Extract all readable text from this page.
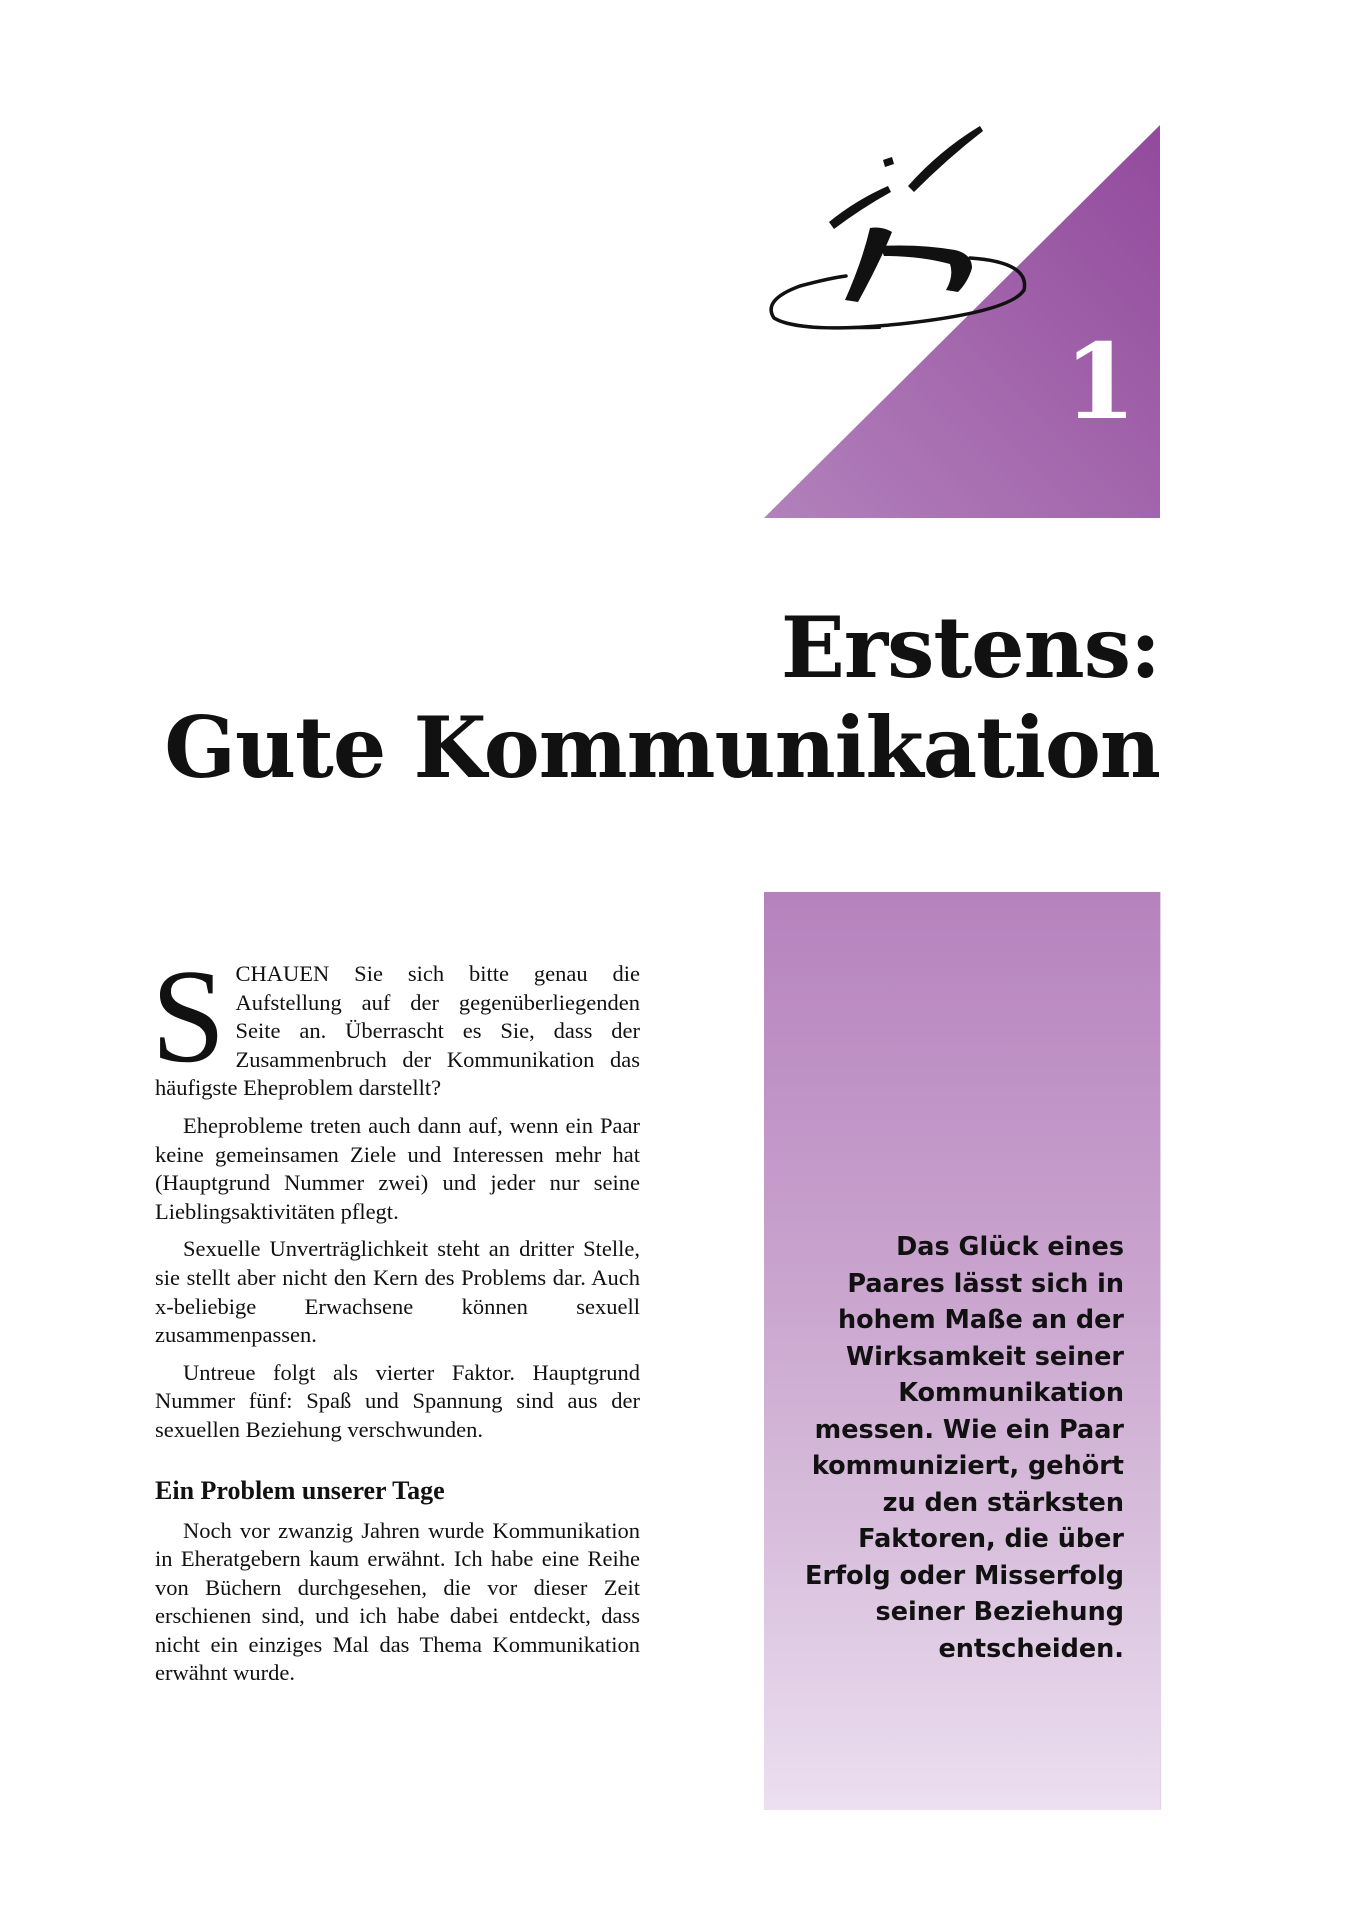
1
Erstens:
Gute Kommunikation

SCHAUEN Sie sich bitte genau die Aufstellung auf der gegenüberliegenden Seite an. Überrascht es Sie, dass der Zusammenbruch der Kommunikation das häufigste Eheproblem darstellt?

Eheprobleme treten auch dann auf, wenn ein Paar keine gemeinsamen Ziele und Interessen mehr hat (Hauptgrund Nummer zwei) und jeder nur seine Lieblingsaktivitäten pflegt.

Sexuelle Unverträglichkeit steht an dritter Stelle, sie stellt aber nicht den Kern des Problems dar. Auch x-beliebige Erwachsene können sexuell zusammenpassen.

Untreue folgt als vierter Faktor. Hauptgrund Nummer fünf: Spaß und Spannung sind aus der sexuellen Beziehung verschwunden.

Ein Problem unserer Tage

Noch vor zwanzig Jahren wurde Kommunikation in Eheratgebern kaum erwähnt. Ich habe eine Reihe von Büchern durchgesehen, die vor dieser Zeit erschienen sind, und ich habe dabei entdeckt, dass nicht ein einziges Mal das Thema Kommunikation erwähnt wurde.

Das Glück eines
Paares lässt sich in
hohem Maße an der
Wirksamkeit seiner
Kommunikation
messen. Wie ein Paar
kommuniziert, gehört
zu den stärksten
Faktoren, die über
Erfolg oder Misserfolg
seiner Beziehung
entscheiden.
